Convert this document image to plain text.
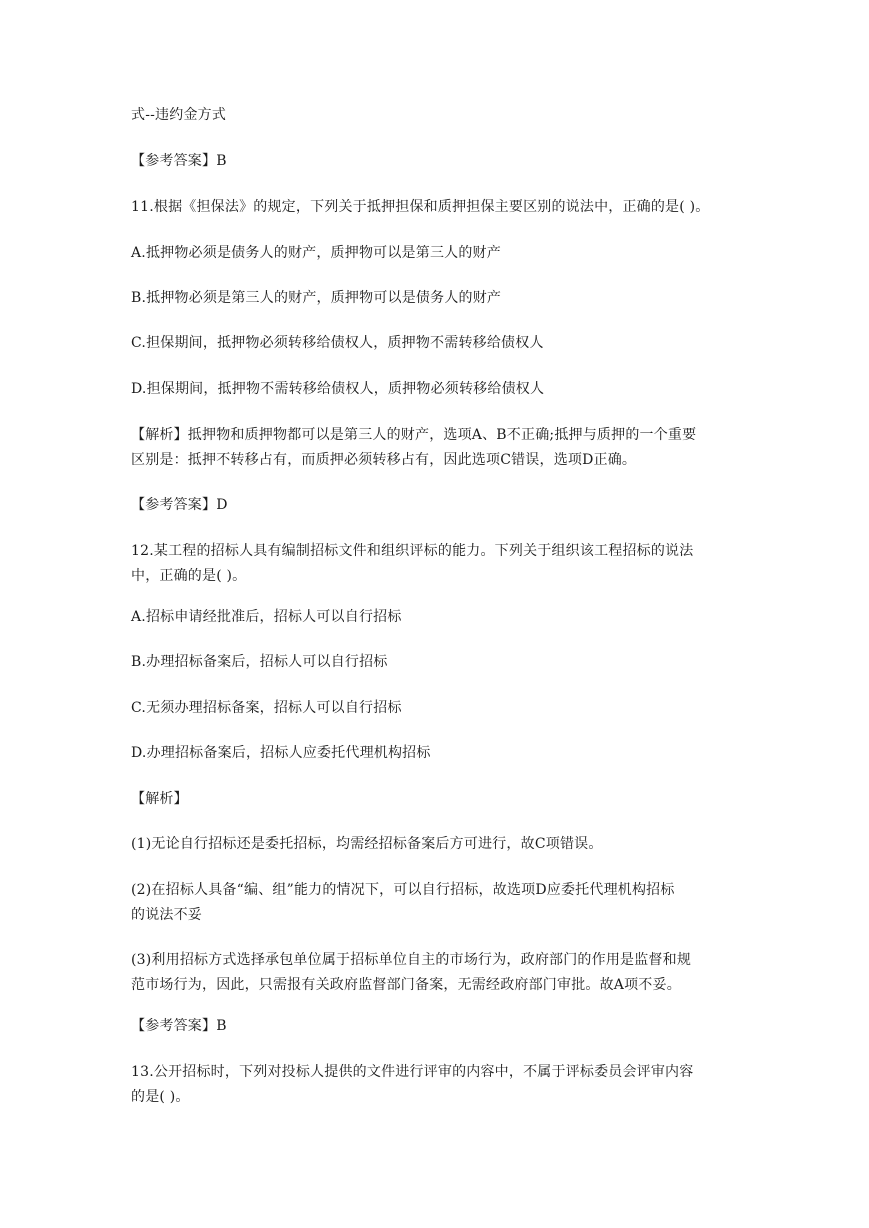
式--违约金方式
【参考答案】B
11.根据《担保法》的规定，下列关于抵押担保和质押担保主要区别的说法中，正确的是( )。
A.抵押物必须是债务人的财产，质押物可以是第三人的财产
B.抵押物必须是第三人的财产，质押物可以是债务人的财产
C.担保期间，抵押物必须转移给债权人，质押物不需转移给债权人
D.担保期间，抵押物不需转移给债权人，质押物必须转移给债权人
【解析】抵押物和质押物都可以是第三人的财产，选项A、B不正确;抵押与质押的一个重要
区别是：抵押不转移占有，而质押必须转移占有，因此选项C错误，选项D正确。
【参考答案】D
12.某工程的招标人具有编制招标文件和组织评标的能力。下列关于组织该工程招标的说法
中，正确的是( )。
A.招标申请经批准后，招标人可以自行招标
B.办理招标备案后，招标人可以自行招标
C.无须办理招标备案，招标人可以自行招标
D.办理招标备案后，招标人应委托代理机构招标
【解析】
(1)无论自行招标还是委托招标，均需经招标备案后方可进行，故C项错误。
(2)在招标人具备“编、组”能力的情况下，可以自行招标，故选项D应委托代理机构招标
的说法不妥
(3)利用招标方式选择承包单位属于招标单位自主的市场行为，政府部门的作用是监督和规
范市场行为，因此，只需报有关政府监督部门备案，无需经政府部门审批。故A项不妥。
【参考答案】B
13.公开招标时，下列对投标人提供的文件进行评审的内容中，不属于评标委员会评审内容
的是( )。
